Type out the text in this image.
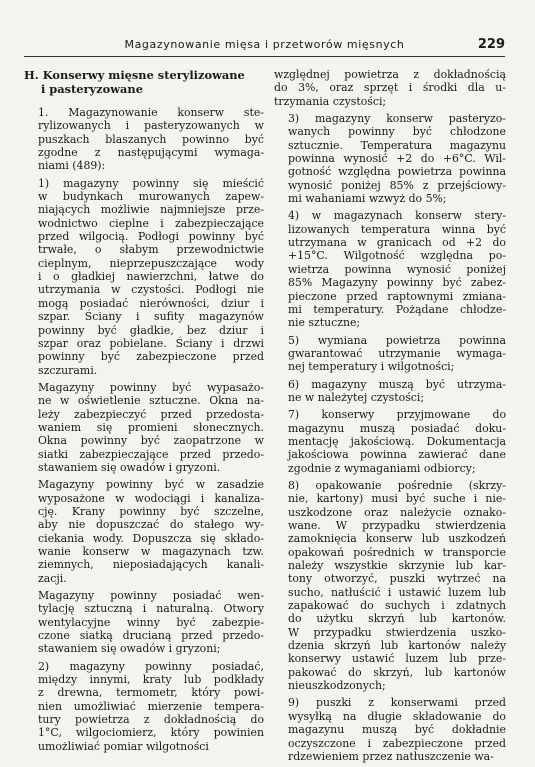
Magazynowanie mięsa i przetworów mięsnych	229
H. Konserwy mięsne sterylizowane
i pasteryzowane
1. Magazynowanie konserw ste-
rylizowanych i pasteryzowanych w
puszkach blaszanych powinno być
zgodne z następującymi wymaga-
niami (489):
1) magazyny powinny się mieścić
w budynkach murowanych zapew-
niających możliwie najmniejsze prze-
wodnictwo cieplne i zabezpieczające
przed wilgocią. Podłogi powinny być
trwałe, o słabym przewodnictwie
cieplnym, nieprzepuszczające wody
i o gładkiej nawierzchni, łatwe do
utrzymania w czystości. Podłogi nie
mogą posiadać nierówności, dziur i
szpar. Ściany i sufity magazynów
powinny być gładkie, bez dziur i
szpar oraz pobielane. Ściany i drzwi
powinny być zabezpieczone przed
szczurami.
Magazyny powinny być wypasażo-
ne w oświetlenie sztuczne. Okna na-
leży zabezpieczyć przed przedosta-
waniem się promieni słonecznych.
Okna powinny być zaopatrzone w
siatki zabezpieczające przed przedo-
stawaniem się owadów i gryzoni.
Magazyny powinny być w zasadzie
wyposażone w wodociągi i kanaliza-
cję. Krany powinny być szczelne,
aby nie dopuszczać do stałego wy-
ciekania wody. Dopuszcza się składo-
wanie konserw w magazynach tzw.
ziemnych, nieposiadających kanali-
zacji.
Magazyny powinny posiadać wen-
tylację sztuczną i naturalną. Otwory
wentylacyjne winny być zabezpie-
czone siatką drucianą przed przedo-
stawaniem się owadów i gryzoni;
2) magazyny powinny posiadać,
między innymi, kraty lub podkłady
z drewna, termometr, który powi-
nien umożliwiać mierzenie tempera-
tury powietrza z dokładnością do
1°C, wilgociomierz, który powinien
umożliwiać pomiar wilgotności
względnej powietrza z dokładnością
do 3%, oraz sprzęt i środki dla u-
trzymania czystości;
3) magazyny konserw pasteryzo-
wanych powinny być chłodzone
sztucznie. Temperatura magazynu
powinna wynosić +2 do +6°C. Wil-
gotność względna powietrza powinna
wynosić poniżej 85% z przejściowy-
mi wahaniami wzwyż do 5%;
4) w magazynach konserw stery-
lizowanych temperatura winna być
utrzymana w granicach od +2 do
+15°C. Wilgotność względna po-
wietrza powinna wynosić poniżej
85% Magazyny powinny być zabez-
pieczone przed raptownymi zmiana-
mi temperatury. Pożądane chłodze-
nie sztuczne;
5) wymiana powietrza powinna
gwarantować utrzymanie wymaga-
nej temperatury i wilgotności;
6) magazyny muszą być utrzyma-
ne w należytej czystości;
7) konserwy przyjmowane do
magazynu muszą posiadać doku-
mentację jakościową. Dokumentacja
jakościowa powinna zawierać dane
zgodnie z wymaganiami odbiorcy;
8) opakowanie pośrednie (skrzy-
nie, kartony) musi być suche i nie-
uszkodzone oraz należycie oznako-
wane. W przypadku stwierdzenia
zamoknięcia konserw lub uszkodzeń
opakowań pośrednich w transporcie
należy wszystkie skrzynie lub kar-
tony otworzyć, puszki wytrzeć na
sucho, natłuścić i ustawić luzem lub
zapakować do suchych i zdatnych
do użytku skrzyń lub kartonów.
W przypadku stwierdzenia uszko-
dzenia skrzyń lub kartonów należy
konserwy ustawić luzem lub prze-
pakować do skrzyń, lub kartonów
nieuszkodzonych;
9) puszki z konserwami przed
wysyłką na długie składowanie do
magazynu muszą być dokładnie
oczyszczone i zabezpieczone przed
rdzewieniem przez natłuszczenie wa-
